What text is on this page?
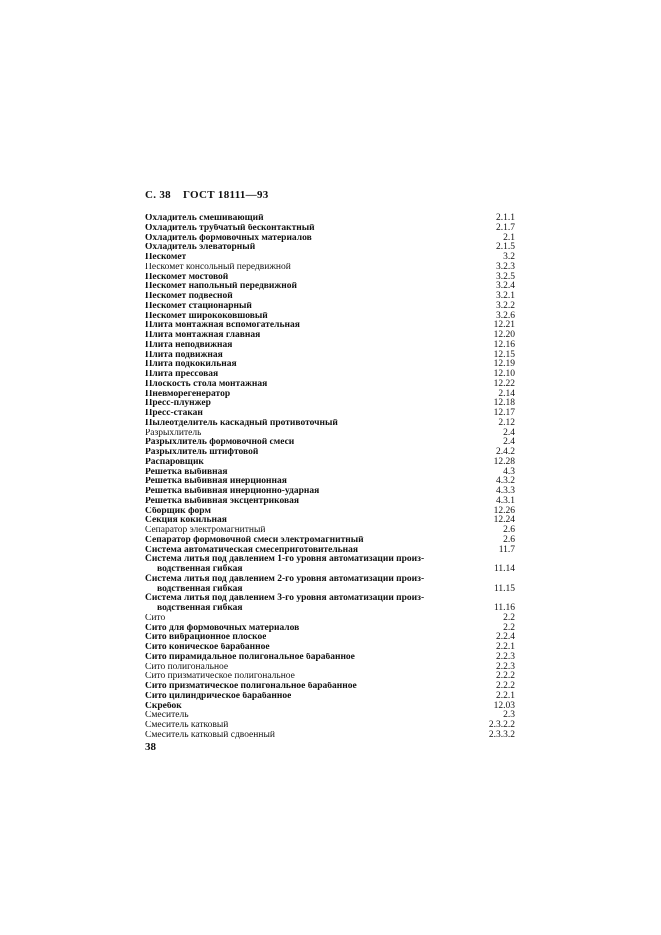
С. 38 ГОСТ 18111—93
Охладитель смешивающий	2.1.1
Охладитель трубчатый бесконтактный	2.1.7
Охладитель формовочных материалов	2.1
Охладитель элеваторный	2.1.5
Пескомет	3.2
Пескомет консольный передвижной	3.2.3
Пескомет мостовой	3.2.5
Пескомет напольный передвижной	3.2.4
Пескомет подвесной	3.2.1
Пескомет стационарный	3.2.2
Пескомет ширококовшовый	3.2.6
Плита монтажная вспомогательная	12.21
Плита монтажная главная	12.20
Плита неподвижная	12.16
Плита подвижная	12.15
Плита подкокильная	12.19
Плита прессовая	12.10
Плоскость стола монтажная	12.22
Пневморегенератор	2.14
Пресс-плунжер	12.18
Пресс-стакан	12.17
Пылеотделитель каскадный противоточный	2.12
Разрыхлитель	2.4
Разрыхлитель формовочной смеси	2.4
Разрыхлитель штифтовой	2.4.2
Распаровщик	12.28
Решетка выбивная	4.3
Решетка выбивная инерционная	4.3.2
Решетка выбивная инерционно-ударная	4.3.3
Решетка выбивная эксцентриковая	4.3.1
Сборщик форм	12.26
Секция кокильная	12.24
Сепаратор электромагнитный	2.6
Сепаратор формовочной смеси электромагнитный	2.6
Система автоматическая смесеприготовительная	11.7
Система литья под давлением 1-го уровня автоматизации произ-
водственная гибкая	11.14
Система литья под давлением 2-го уровня автоматизации произ-
водственная гибкая	11.15
Система литья под давлением 3-го уровня автоматизации произ-
водственная гибкая	11.16
Сито	2.2
Сито для формовочных материалов	2.2
Сито вибрационное плоское	2.2.4
Сито коническое барабанное	2.2.1
Сито пирамидальное полигональное барабанное	2.2.3
Сито полигональное	2.2.3
Сито призматическое полигональное	2.2.2
Сито призматическое полигональное барабанное	2.2.2
Сито цилиндрическое барабанное	2.2.1
Скребок	12.03
Смеситель	2.3
Смеситель катковый	2.3.2.2
Смеситель катковый сдвоенный	2.3.3.2
38
